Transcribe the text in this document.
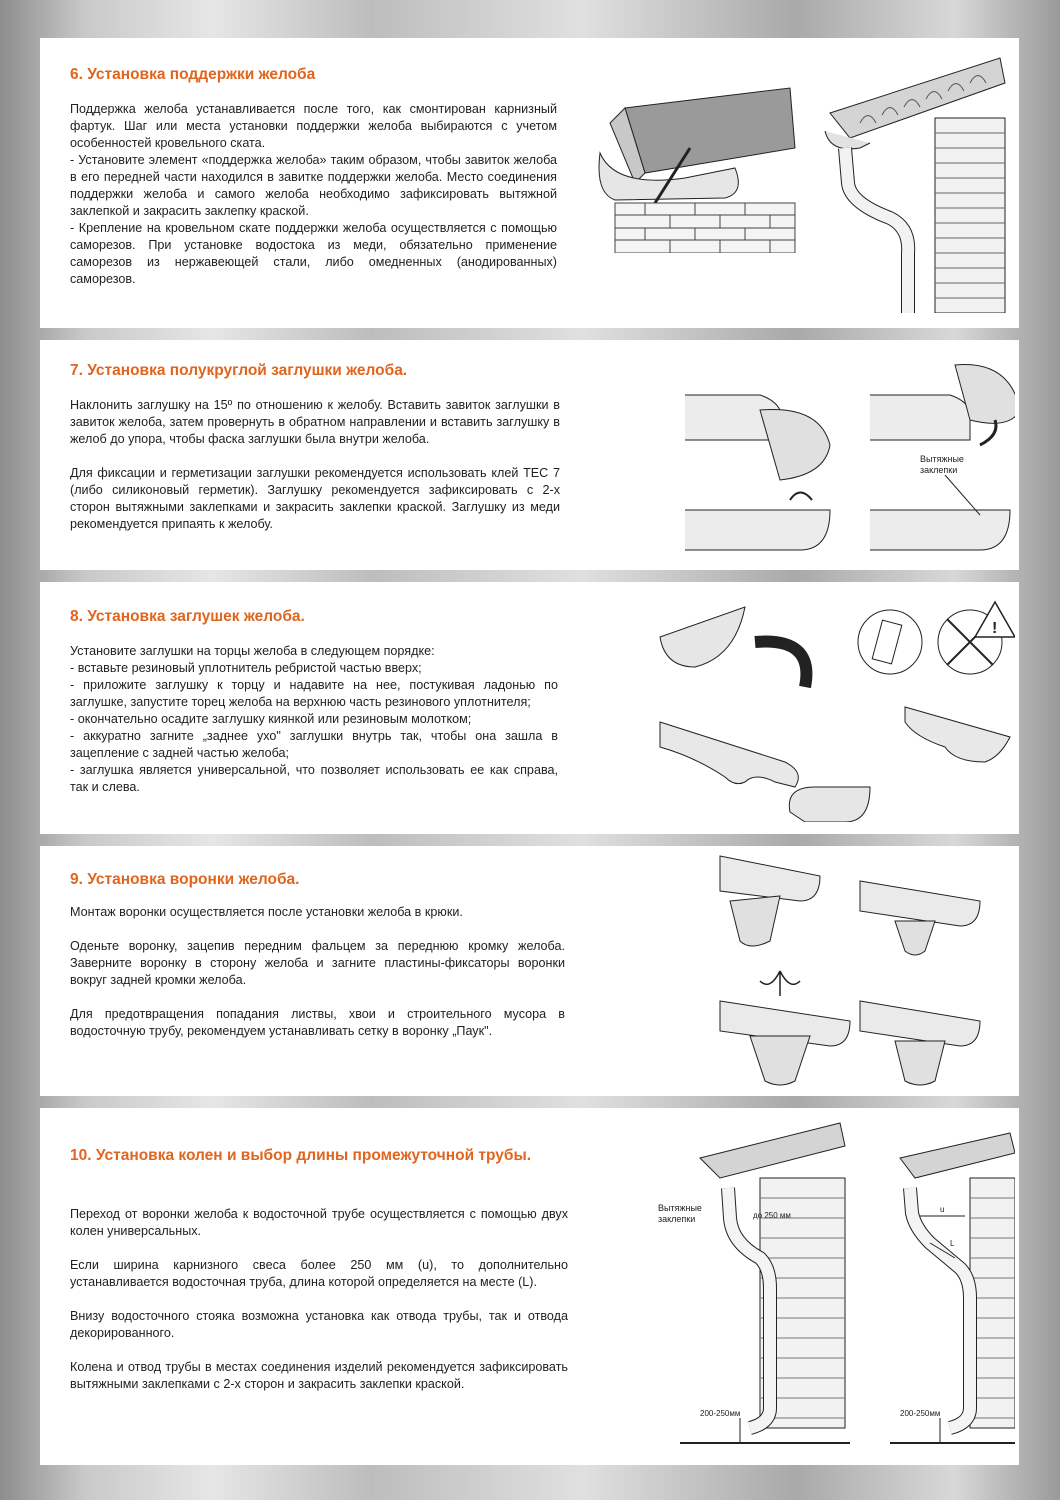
6. Установка поддержки желоба

Поддержка желоба устанавливается после того, как смонтирован карнизный фартук. Шаг или места установки поддержки желоба выбираются с учетом особенностей кровельного ската.

- Установите элемент «поддержка желоба» таким образом, чтобы завиток желоба в его передней части находился в завитке поддержки желоба. Место соединения поддержки желоба и самого желоба необходимо зафиксировать вытяжной заклепкой и закрасить заклепку краской.

- Крепление на кровельном скате поддержки желоба осуществляется с помощью саморезов. При установке водостока из меди, обязательно применение саморезов из нержавеющей стали, либо омедненных (анодированных) саморезов.

7. Установка полукруглой заглушки желоба.

Наклонить заглушку на 15º по отношению к желобу. Вставить завиток заглушки в завиток желоба, затем провернуть в обратном направлении и вставить заглушку в желоб до упора, чтобы фаска заглушки была внутри желоба.

Для фиксации и герметизации заглушки рекомендуется использовать клей ТЕС 7 (либо силиконовый герметик). Заглушку рекомендуется зафиксировать с 2-х сторон вытяжными заклепками и закрасить заклепки краской. Заглушку из меди рекомендуется припаять к желобу.

Вытяжные
заклепки
8. Установка заглушек желоба.

Установите заглушки на торцы желоба в следующем порядке:

- вставьте резиновый уплотнитель ребристой частью вверх;

- приложите заглушку к торцу и надавите на нее, постукивая ладонью по заглушке, запустите торец желоба на верхнюю часть резинового уплотнителя;

- окончательно осадите заглушку киянкой или резиновым молотком;

- аккуратно загните „заднее ухо" заглушки внутрь так, чтобы она зашла в зацепление с задней частью желоба;

- заглушка является универсальной, что позволяет использовать ее как справа, так и слева.

!
9. Установка воронки желоба.

Монтаж воронки осуществляется после установки желоба в крюки.

Оденьте воронку, зацепив передним фальцем за переднюю кромку желоба. Заверните воронку в сторону желоба и загните пластины-фиксаторы воронки вокруг задней кромки желоба.

Для предотвращения попадания листвы, хвои и строительного мусора в водосточную трубу, рекомендуем устанавливать сетку в воронку „Паук".

10. Установка колен и выбор длины промежуточной трубы.

Переход от воронки желоба к водосточной трубе осуществляется с помощью двух колен универсальных.

Если ширина карнизного свеса более 250 мм (u), то дополнительно устанавливается водосточная труба, длина которой определяется на месте (L).

Внизу водосточного стояка возможна установка как отвода трубы, так и отвода декорированного.

Колена и отвод трубы в местах соединения изделий рекомендуется зафиксировать вытяжными заклепками с 2-х сторон и закрасить заклепки краской.

Вытяжные
заклепки	до 250 мм
200-250мм	200-250мм
u
L
